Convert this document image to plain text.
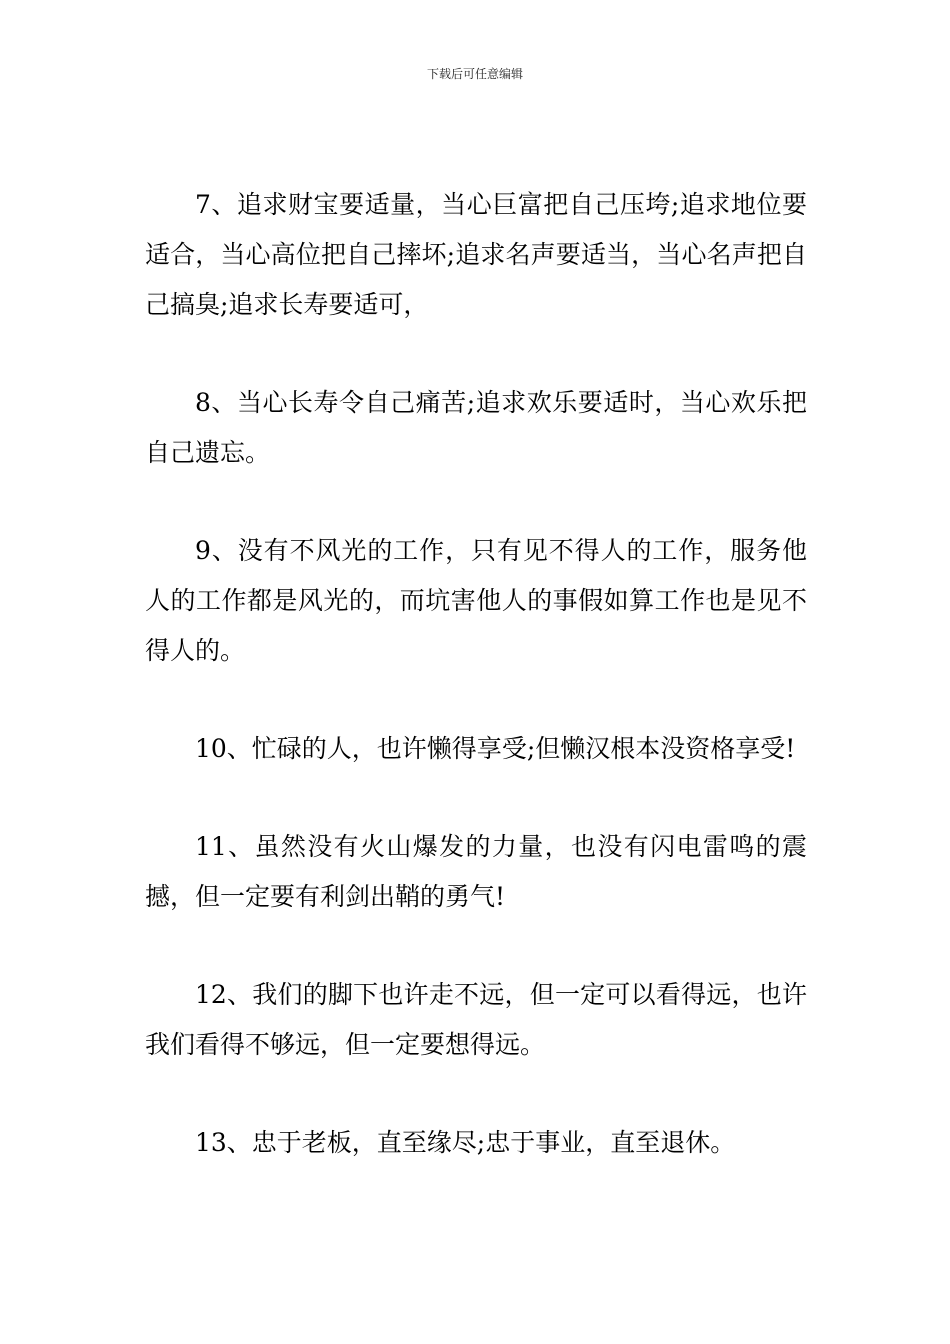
下载后可任意编辑

7、追求财宝要适量，当心巨富把自己压垮;追求地位要适合，当心高位把自己摔坏;追求名声要适当，当心名声把自己搞臭;追求长寿要适可，

8、当心长寿令自己痛苦;追求欢乐要适时，当心欢乐把自己遗忘。

9、没有不风光的工作，只有见不得人的工作，服务他人的工作都是风光的，而坑害他人的事假如算工作也是见不得人的。

10、忙碌的人，也许懒得享受;但懒汉根本没资格享受!

11、虽然没有火山爆发的力量，也没有闪电雷鸣的震撼，但一定要有利剑出鞘的勇气!

12、我们的脚下也许走不远，但一定可以看得远，也许我们看得不够远，但一定要想得远。

13、忠于老板，直至缘尽;忠于事业，直至退休。
